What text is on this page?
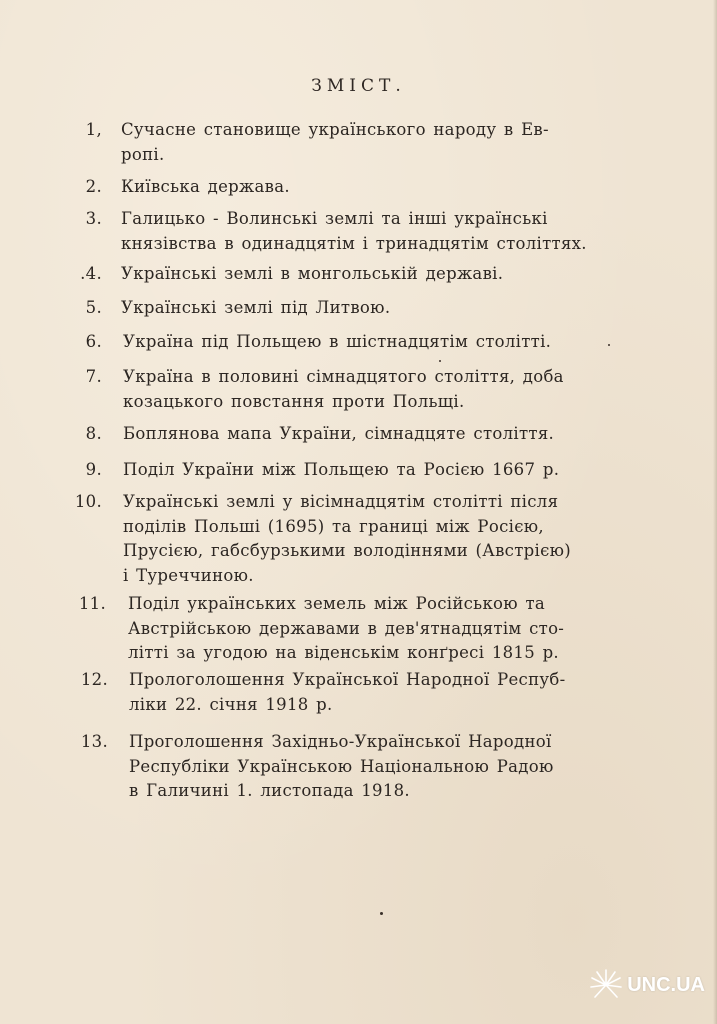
ЗМІСТ.
1, Сучасне становище українського народу в Ев-
ропі.
2. Київська держава.
3. Галицько - Волинські землі та інші українські
князівства в одинадцятім і тринадцятім століттях.
.4. Українські землі в монгольській державі.
5. Українські землі під Литвою.
6. Україна під Польщею в шістнадцятім столітті.
7. Україна в половині сімнадцятого століття, доба
козацького повстання проти Польщі.
8. Боплянова мапа України, сімнадцяте століття.
9. Поділ України між Польщею та Росією 1667 р.
10. Українські землі у вісімнадцятім столітті після
поділів Польші (1695) та границі між Росією,
Прусією, габсбурзькими володіннями (Австрією)
і Туреччиною.
11. Поділ українських земель між Російською та
Австрійською державами в дев'ятнадцятім сто-
літті за угодою на віденськім конґресі 1815 р.
12. Прологолошення Української Народної Респуб-
ліки 22. січня 1918 р.
13. Проголошення Західньо-Української Народної
Республіки Українською Національною Радою
в Галичині 1. листопада 1918.
UNC.UA
